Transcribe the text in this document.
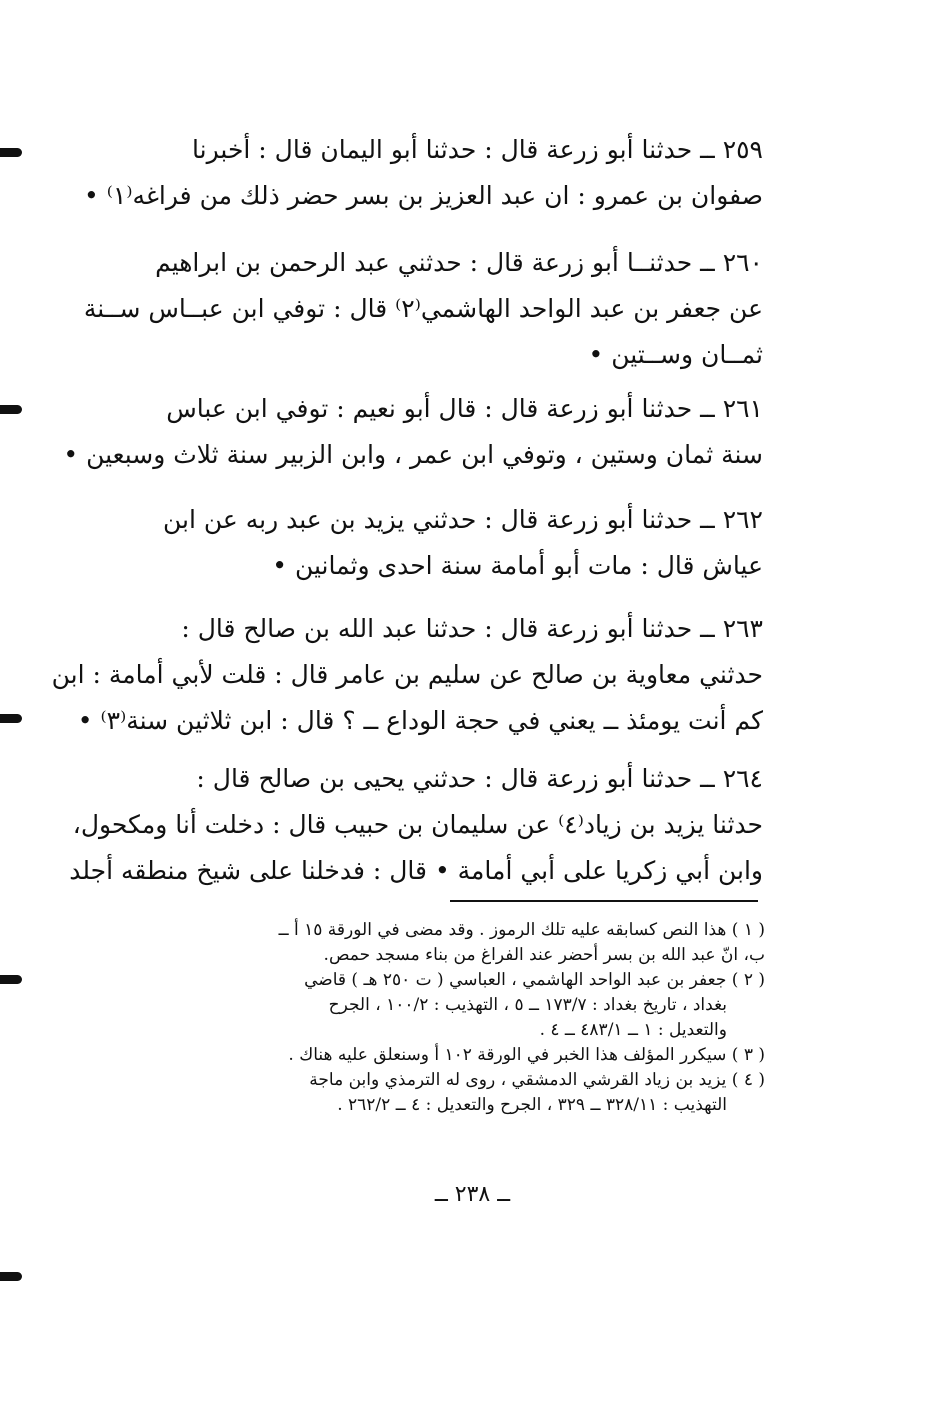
٢٥٩ ــ حدثنا أبو زرعة قال : حدثنا أبو اليمان قال : أخبرنا
صفوان بن عمرو : ان عبد العزيز بن بسر حضر ذلك من فراغه⁽١⁾ •
٢٦٠ ــ حدثنــا أبو زرعة قال : حدثني عبد الرحمن بن ابراهيم
عن جعفر بن عبد الواحد الهاشمي⁽٢⁾ قال : توفي ابن عبــاس ســنة
ثمــان وســتين •
٢٦١ ــ حدثنا أبو زرعة قال : قال أبو نعيم : توفي ابن عباس
سنة ثمان وستين ، وتوفي ابن عمر ، وابن الزبير سنة ثلاث وسبعين •
٢٦٢ ــ حدثنا أبو زرعة قال : حدثني يزيد بن عبد ربه عن ابن
عياش قال : مات أبو أمامة سنة احدى وثمانين •
٢٦٣ ــ حدثنا أبو زرعة قال : حدثنا عبد الله بن صالح قال :
حدثني معاوية بن صالح عن سليم بن عامر قال : قلت لأبي أمامة : ابن
كم أنت يومئذ ــ يعني في حجة الوداع ــ ؟ قال : ابن ثلاثين سنة⁽٣⁾ •
٢٦٤ ــ حدثنا أبو زرعة قال : حدثني يحيى بن صالح قال :
حدثنا يزيد بن زياد⁽٤⁾ عن سليمان بن حبيب قال : دخلت أنا ومكحول،
وابن أبي زكريا على أبي أمامة • قال : فدخلنا على شيخ منطقه أجلد
( ١ ) هذا النص كسابقه عليه تلك الرموز . وقد مضى في الورقة ١٥ أ ــ
ب، انّ عبد الله بن بسر أحضر عند الفراغ من بناء مسجد حمص.
( ٢ ) جعفر بن عبد الواحد الهاشمي ، العباسي ( ت ٢٥٠ هـ ) قاضي
بغداد ، تاريخ بغداد : ١٧٣/٧ ــ ٥ ، التهذيب : ١٠٠/٢ ، الجرح
والتعديل : ١ ــ ٤٨٣/١ ــ ٤ .
( ٣ ) سيكرر المؤلف هذا الخبر في الورقة ١٠٢ أ وسنعلق عليه هناك .
( ٤ ) يزيد بن زياد القرشي الدمشقي ، روى له الترمذي وابن ماجة
التهذيب : ٣٢٨/١١ ــ ٣٢٩ ، الجرح والتعديل : ٤ ــ ٢٦٢/٢ .
ــ ٢٣٨ ــ
